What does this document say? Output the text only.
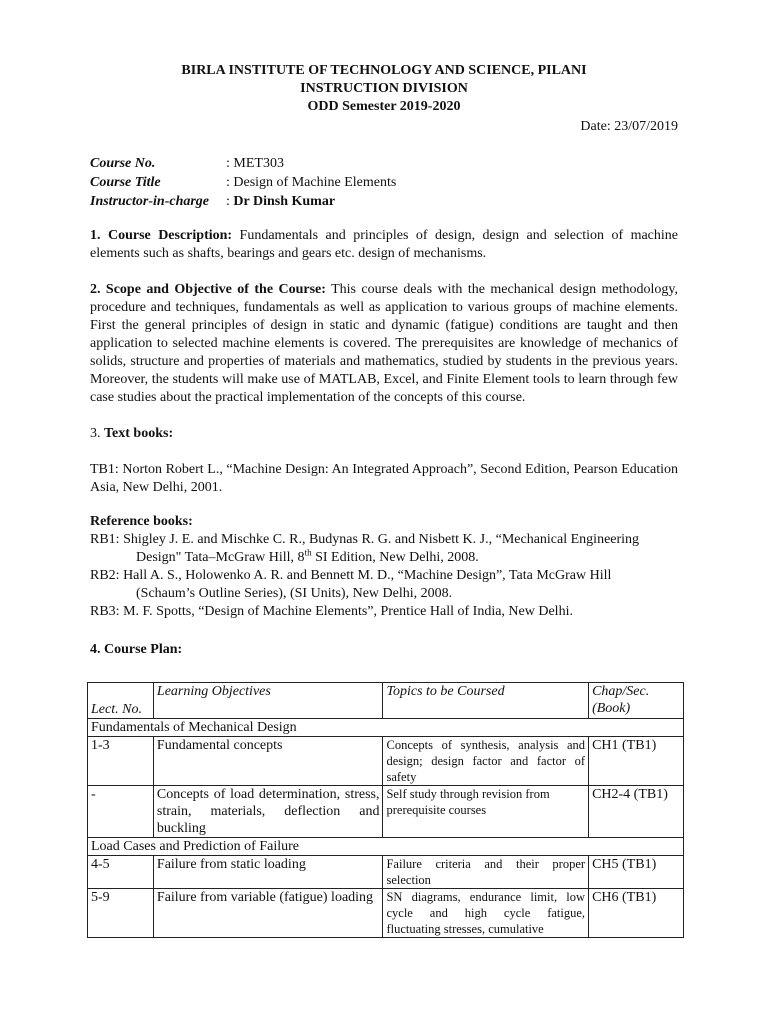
BIRLA INSTITUTE OF TECHNOLOGY AND SCIENCE, PILANI
INSTRUCTION DIVISION
ODD Semester 2019-2020
Date: 23/07/2019
Course No.	: MET303
Course Title	: Design of Machine Elements
Instructor-in-charge	: Dr Dinsh Kumar

1. Course Description: Fundamentals and principles of design, design and selection of machine elements such as shafts, bearings and gears etc. design of mechanisms.

2. Scope and Objective of the Course: This course deals with the mechanical design methodology, procedure and techniques, fundamentals as well as application to various groups of machine elements. First the general principles of design in static and dynamic (fatigue) conditions are taught and then application to selected machine elements is covered. The prerequisites are knowledge of mechanics of solids, structure and properties of materials and mathematics, studied by students in the previous years. Moreover, the students will make use of MATLAB, Excel, and Finite Element tools to learn through few case studies about the practical implementation of the concepts of this course.

3. Text books:

TB1: Norton Robert L., “Machine Design: An Integrated Approach”, Second Edition, Pearson Education Asia, New Delhi, 2001.

Reference books:
RB1: Shigley J. E. and Mischke C. R., Budynas R. G. and Nisbett K. J., “Mechanical Engineering
Design" Tata–McGraw Hill, 8th SI Edition, New Delhi, 2008.
RB2: Hall A. S., Holowenko A. R. and Bennett M. D., “Machine Design”, Tata McGraw Hill
(Schaum’s Outline Series), (SI Units), New Delhi, 2008.
RB3: M. F. Spotts, “Design of Machine Elements”, Prentice Hall of India, New Delhi.
4. Course Plan:
Lect. No.	Learning Objectives	Topics to be Coursed	Chap/Sec.
(Book)
Fundamentals of Mechanical Design			
1-3	Fundamental concepts	Concepts of synthesis, analysis and design; design factor and factor of safety	CH1 (TB1)
-	Concepts of load determination, stress, strain, materials, deflection and buckling	Self study through revision from prerequisite courses	CH2-4 (TB1)
Load Cases and Prediction of Failure			
4-5	Failure from static loading	Failure criteria and their proper selection	CH5 (TB1)
5-9	Failure from variable (fatigue) loading	SN diagrams, endurance limit, low cycle and high cycle fatigue, fluctuating stresses, cumulative	CH6 (TB1)
